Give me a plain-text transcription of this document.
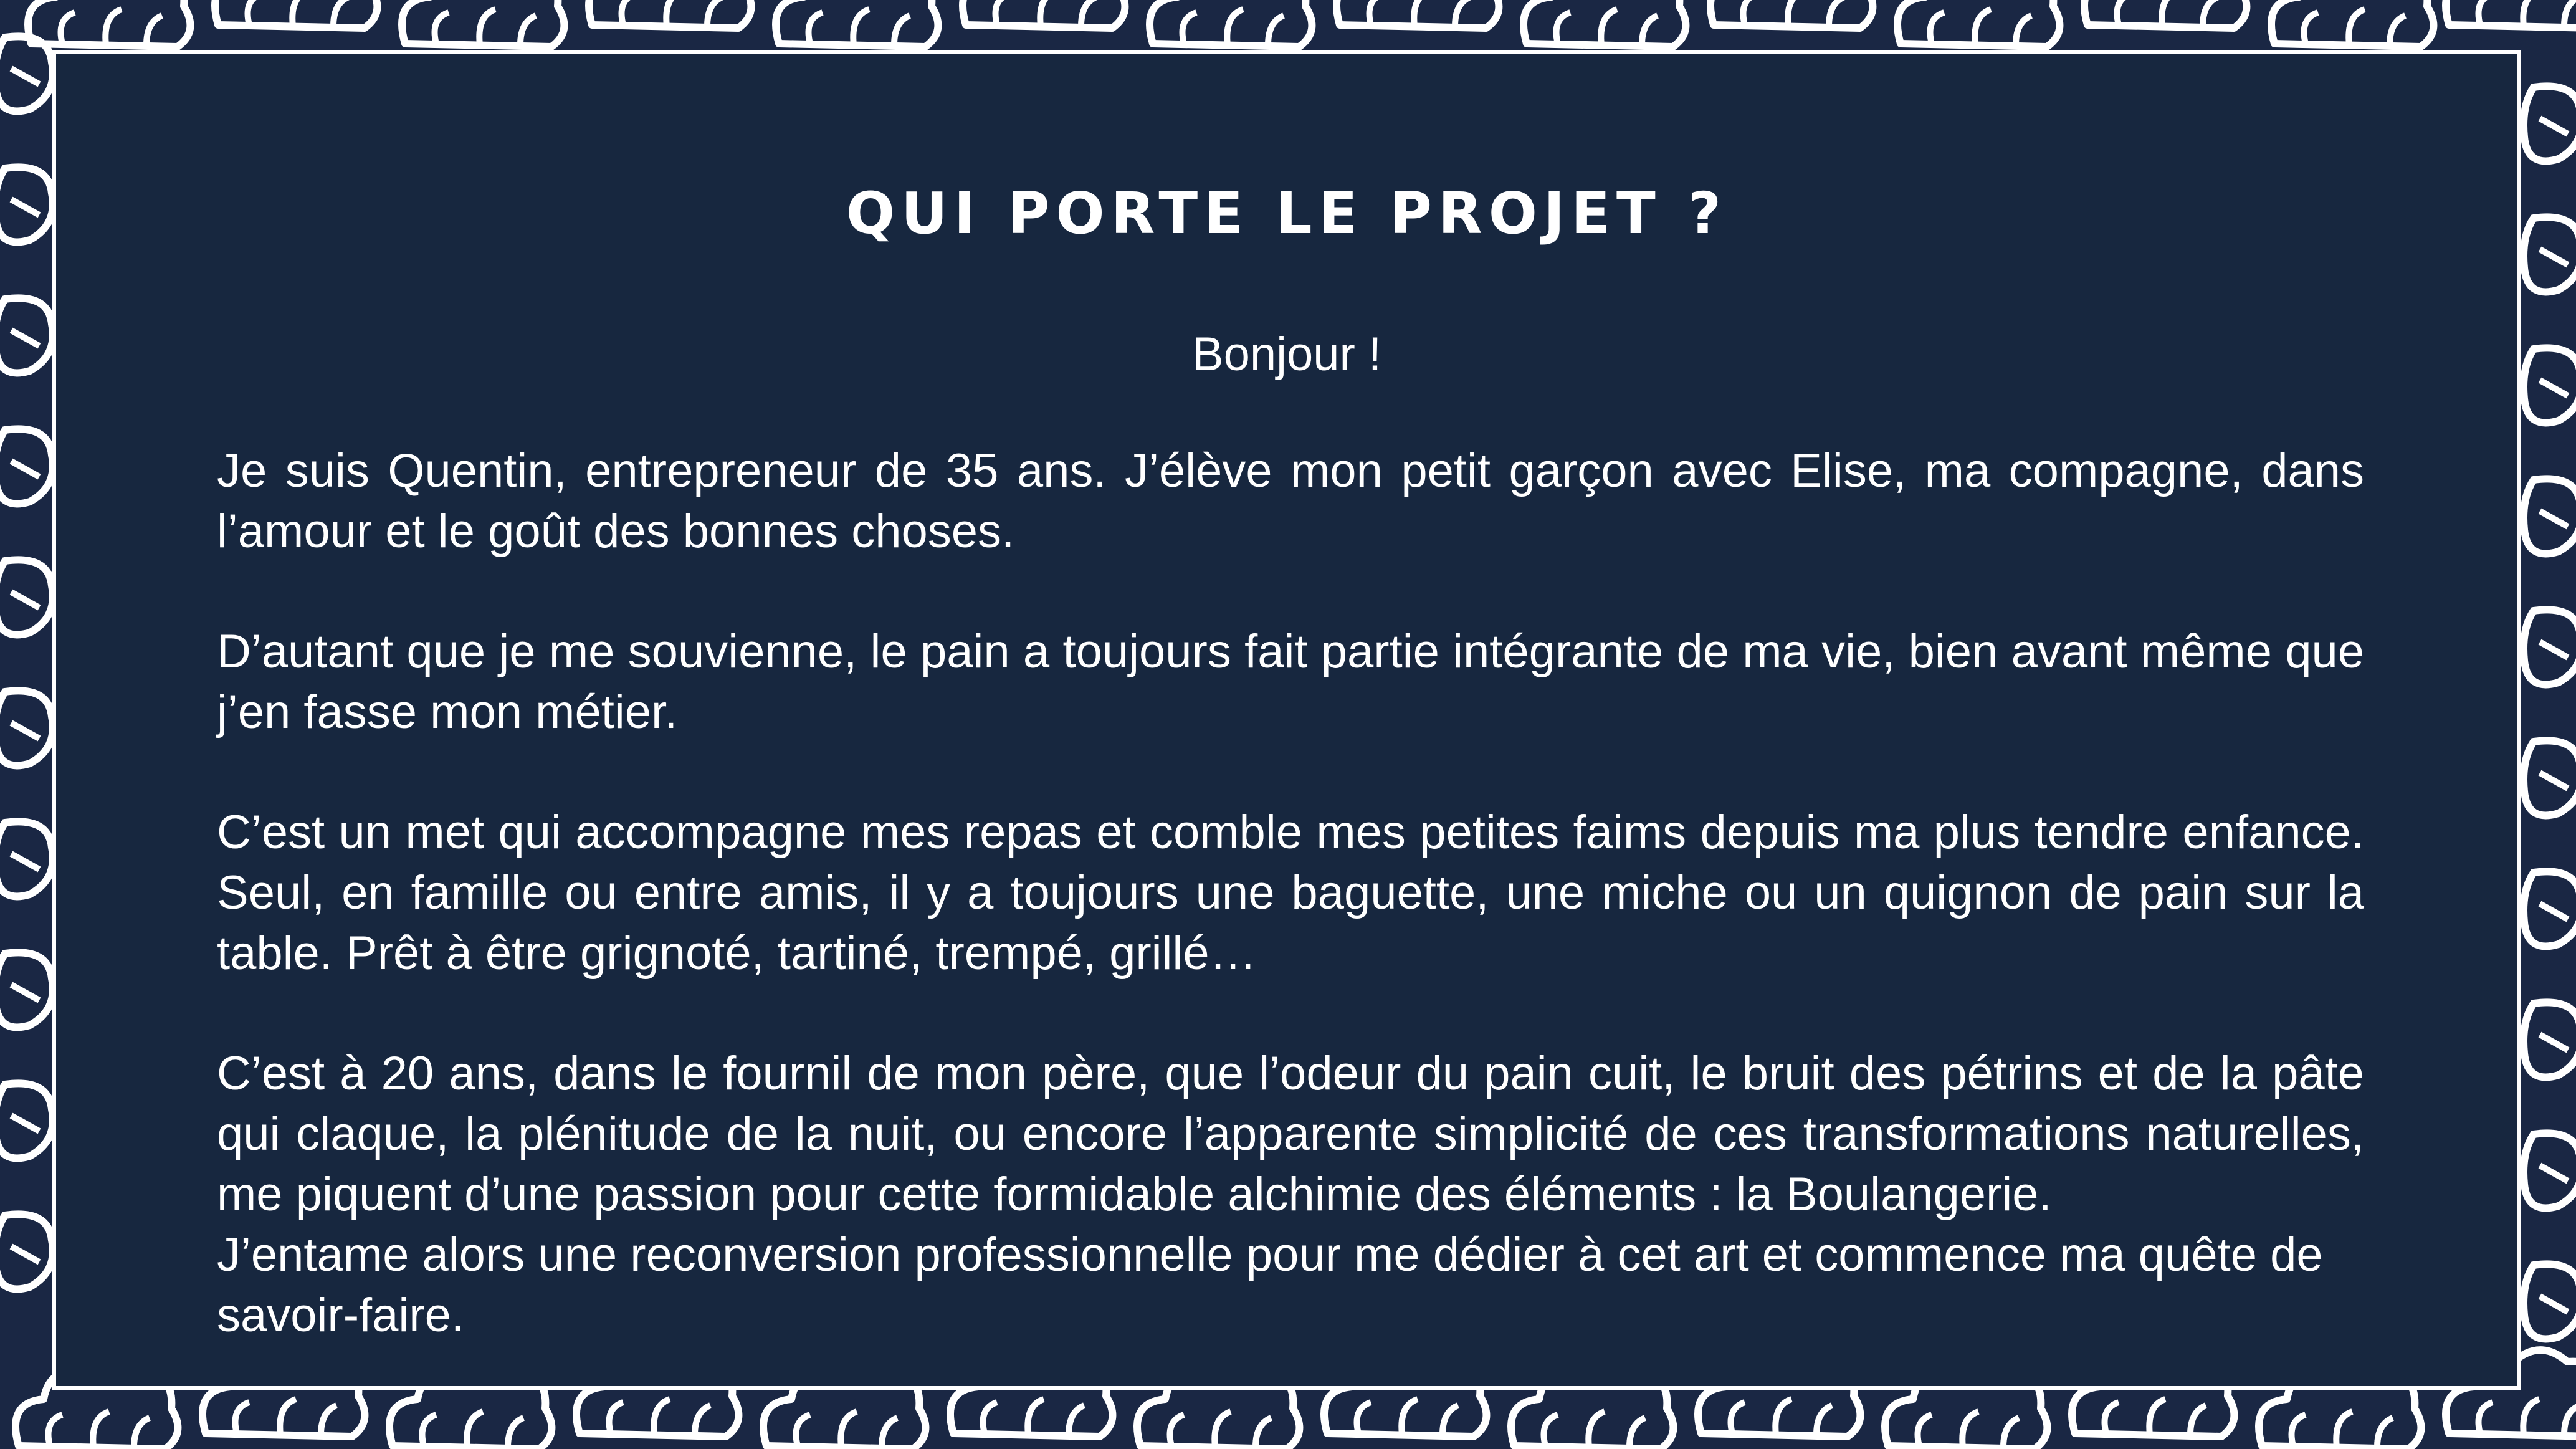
QUI PORTE LE PROJET ?

Bonjour !

Je suis Quentin, entrepreneur de 35 ans. J’élève mon petit garçon avec Elise, ma compagne, dans l’amour et le goût des bonnes choses.

D’autant que je me souvienne, le pain a toujours fait partie intégrante de ma vie, bien avant même que j’en fasse mon métier.

C’est un met qui accompagne mes repas et comble mes petites faims depuis ma plus tendre enfance. Seul, en famille ou entre amis, il y a toujours une baguette, une miche ou un quignon de pain sur la table. Prêt à être grignoté, tartiné, trempé, grillé…

C’est à 20 ans, dans le fournil de mon père, que l’odeur du pain cuit, le bruit des pétrins et de la pâte qui claque, la plénitude de la nuit, ou encore l’apparente simplicité de ces transformations naturelles, me piquent d’une passion pour cette formidable alchimie des éléments : la Boulangerie.

J’entame alors une reconversion professionnelle pour me dédier à cet art et commence ma quête de savoir-faire.
